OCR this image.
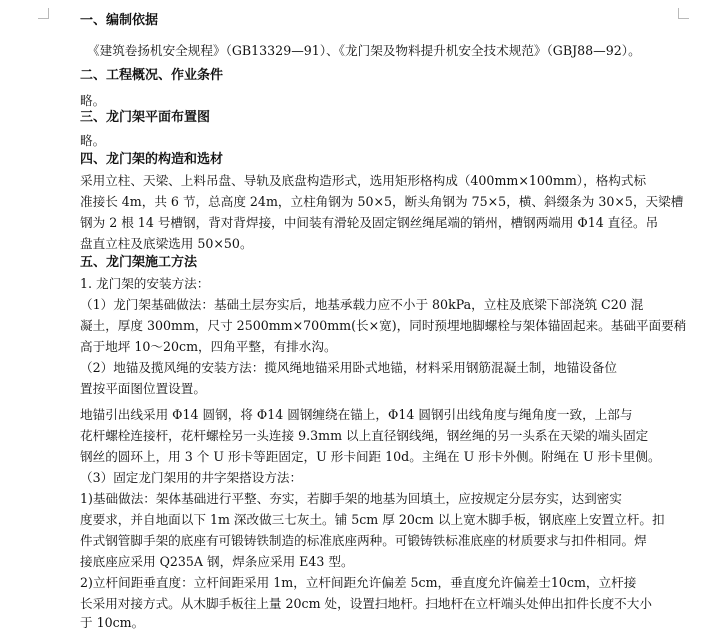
一、编制依据
《建筑卷扬机安全规程》（GB13329—91）、《龙门架及物料提升机安全技术规范》（GBJ88—92）。
二、工程概况、作业条件
略。
三、龙门架平面布置图
略。
四、龙门架的构造和选材
采用立柱、天梁、上料吊盘、导轨及底盘构造形式，选用矩形格构成（400mm×100mm），格构式标
准接长 4m，共 6 节，总高度 24m，立柱角钢为 50×5，断头角钢为 75×5，横、斜缀条为 30×5，天梁槽
钢为 2 根 14 号槽钢，背对背焊接，中间装有滑轮及固定钢丝绳尾端的销州，槽钢两端用 Φ14 直径。吊
盘直立柱及底梁选用 50×50。
五、龙门架施工方法
1. 龙门架的安装方法：
（1）龙门架基础做法：基础土层夯实后，地基承载力应不小于 80kPa，立柱及底梁下部浇筑 C20 混
凝土，厚度 300mm，尺寸 2500mm×700mm(长×宽)，同时预埋地脚螺栓与架体锚固起来。基础平面要稍
高于地坪 10～20cm，四角平整，有排水沟。
（2）地锚及揽风绳的安装方法：揽风绳地锚采用卧式地锚，材料采用钢筋混凝土制，地锚设备位
置按平面图位置设置。
地锚引出线采用 Φ14 圆钢，将 Φ14 圆钢缠绕在锚上，Φ14 圆钢引出线角度与绳角度一致，上部与
花杆螺栓连接杆，花杆螺栓另一头连接 9.3mm 以上直径钢线绳，钢丝绳的另一头系在天梁的端头固定
钢丝的圆环上，用 3 个 U 形卡等距固定，U 形卡间距 10d。主绳在 U 形卡外侧。附绳在 U 形卡里侧。
（3）固定龙门架用的井字架搭设方法：
1)基础做法：架体基础进行平整、夯实，若脚手架的地基为回填土，应按规定分层夯实，达到密实
度要求，并自地面以下 1m 深改做三七灰土。铺 5cm 厚 20cm 以上宽木脚手板，钢底座上安置立杆。扣
件式钢管脚手架的底座有可锻铸铁制造的标准底座两种。可锻铸铁标准底座的材质要求与扣件相同。焊
接底座应采用 Q235A 钢，焊条应采用 E43 型。
2)立杆间距垂直度：立杆间距采用 1m，立杆间距允许偏差 5cm，垂直度允许偏差士10cm，立杆接
长采用对接方式。从木脚手板往上量 20cm 处，设置扫地杆。扫地杆在立杆端头处伸出扣件长度不大小
于 10cm。
